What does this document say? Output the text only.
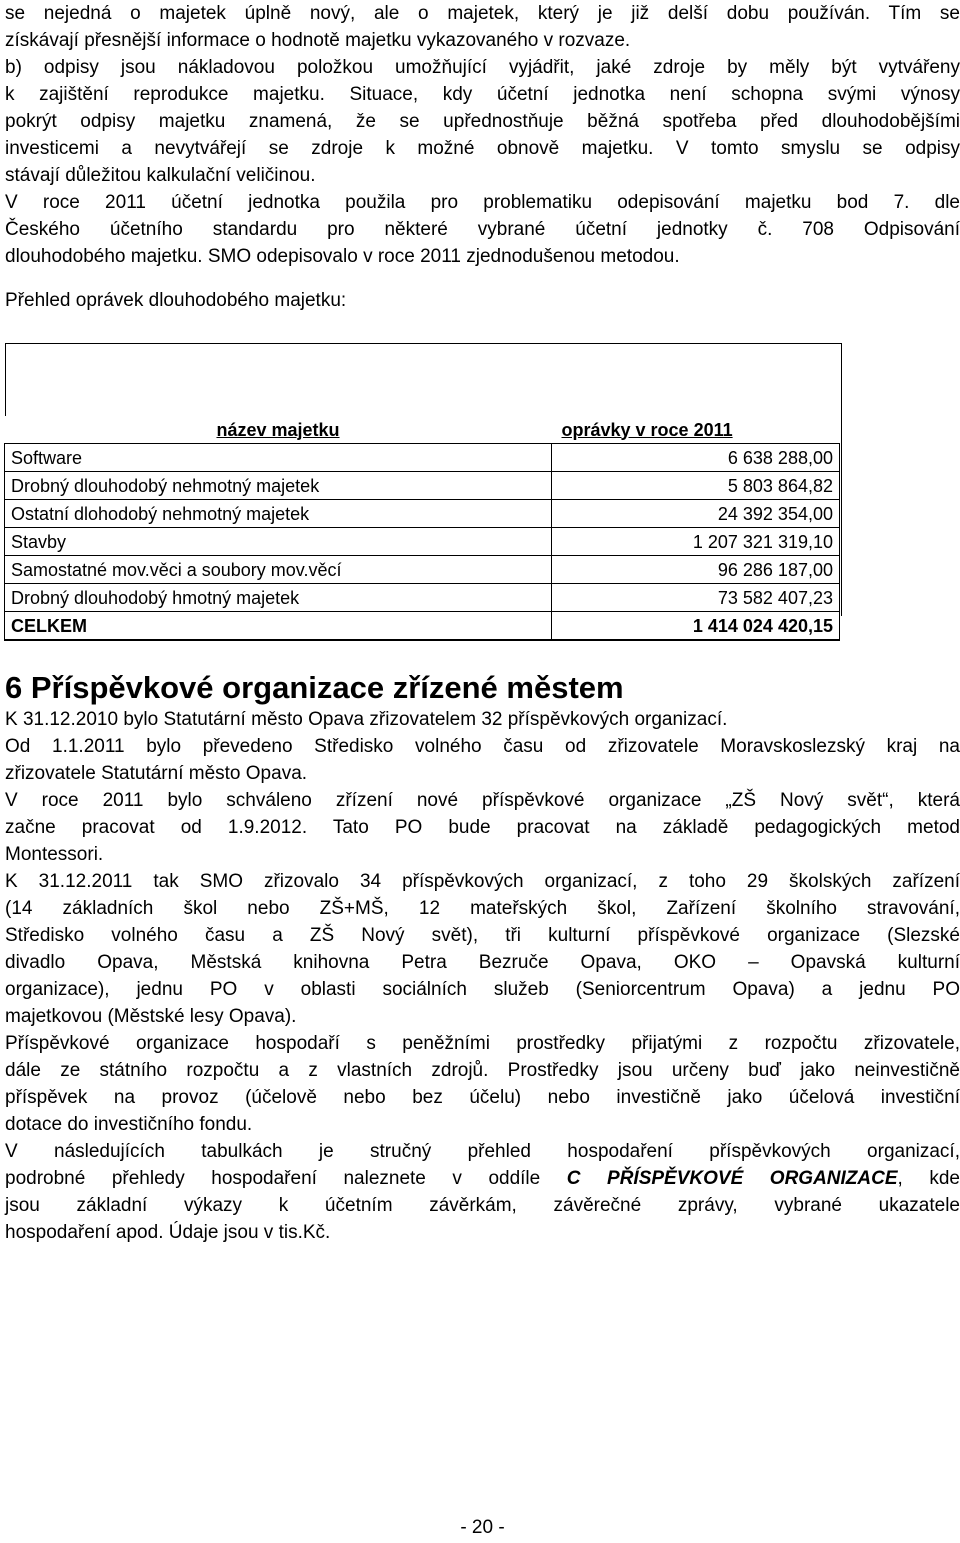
se nejedná o majetek úplně nový, ale o majetek, který je již delší dobu používán. Tím se
získávají přesnější informace o hodnotě majetku vykazovaného v rozvaze.
b) odpisy jsou nákladovou položkou umožňující vyjádřit, jaké zdroje by měly být vytvářeny
k zajištění reprodukce majetku. Situace, kdy účetní jednotka není schopna svými výnosy
pokrýt odpisy majetku znamená, že se upřednostňuje běžná spotřeba před dlouhodobějšími
investicemi a nevytvářejí se zdroje k možné obnově majetku. V tomto smyslu se odpisy
stávají důležitou kalkulační veličinou.
V roce 2011 účetní jednotka použila pro problematiku odepisování majetku bod 7. dle
Českého účetního standardu pro některé vybrané účetní jednotky č. 708 Odpisování
dlouhodobého majetku. SMO odepisovalo v roce 2011 zjednodušenou metodou.
Přehled oprávek dlouhodobého majetku:
název majetku	oprávky v roce 2011
Software	6 638 288,00
Drobný dlouhodobý nehmotný majetek	5 803 864,82
Ostatní dlohodobý nehmotný majetek	24 392 354,00
Stavby	1 207 321 319,10
Samostatné mov.věci a soubory mov.věcí	96 286 187,00
Drobný dlouhodobý hmotný majetek	73 582 407,23
CELKEM	1 414 024 420,15
6 Příspěvkové organizace zřízené městem
K 31.12.2010 bylo Statutární město Opava zřizovatelem 32 příspěvkových organizací.
Od 1.1.2011 bylo převedeno Středisko volného času od zřizovatele Moravskoslezský kraj na
zřizovatele Statutární město Opava.
V roce 2011 bylo schváleno zřízení nové příspěvkové organizace „ZŠ Nový svět“, která
začne pracovat od 1.9.2012. Tato PO bude pracovat na základě pedagogických metod
Montessori.
K 31.12.2011 tak SMO zřizovalo 34 příspěvkových organizací, z toho 29 školských zařízení
(14 základních škol nebo ZŠ+MŠ, 12 mateřských škol, Zařízení školního stravování,
Středisko volného času a ZŠ Nový svět), tři kulturní příspěvkové organizace (Slezské
divadlo Opava, Městská knihovna Petra Bezruče Opava, OKO – Opavská kulturní
organizace), jednu PO v oblasti sociálních služeb (Seniorcentrum Opava) a jednu PO
majetkovou (Městské lesy Opava).
Příspěvkové organizace hospodaří s peněžními prostředky přijatými z rozpočtu zřizovatele,
dále ze státního rozpočtu a z vlastních zdrojů. Prostředky jsou určeny buď jako neinvestičně
příspěvek na provoz (účelově nebo bez účelu) nebo investičně jako účelová investiční
dotace do investičního fondu.
V následujících tabulkách je stručný přehled hospodaření příspěvkových organizací,
podrobné přehledy hospodaření naleznete v oddíle C PŘÍSPĚVKOVÉ ORGANIZACE, kde
jsou základní výkazy k účetním závěrkám, závěrečné zprávy, vybrané ukazatele
hospodaření apod. Údaje jsou v tis.Kč.
- 20 -
